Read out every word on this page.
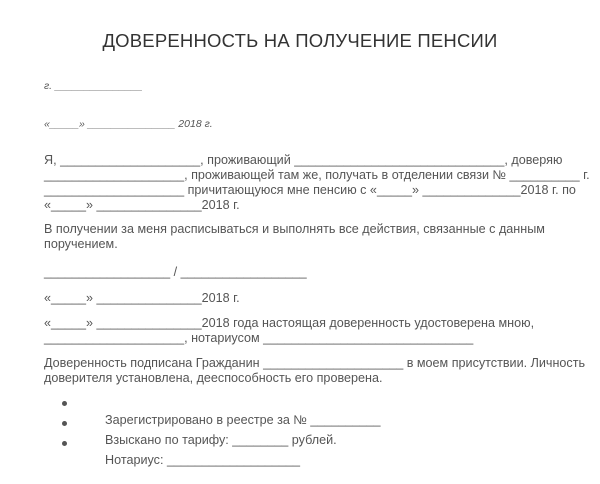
ДОВЕРЕННОСТЬ НА ПОЛУЧЕНИЕ ПЕНСИИ
г. _______________
«_____» _______________ 2018 г.
Я, ____________________, проживающий ______________________________, доверяю
____________________, проживающей там же, получать в отделении связи № __________ г.
____________________ причитающуюся мне пенсию с «_____» ______________2018 г. по
«_____» _______________2018 г.
В получении за меня расписываться и выполнять все действия, связанные с данным
поручением.
__________________ / __________________
«_____» _______________2018 г.
«_____» _______________2018 года настоящая доверенность удостоверена мною,
____________________, нотариусом ______________________________
Доверенность подписана Гражданин ____________________ в моем присутствии. Личность
доверителя установлена, дееспособность его проверена.

Зарегистрировано в реестре за № __________

Взыскано по тарифу: ________ рублей.

Нотариус: ___________________
